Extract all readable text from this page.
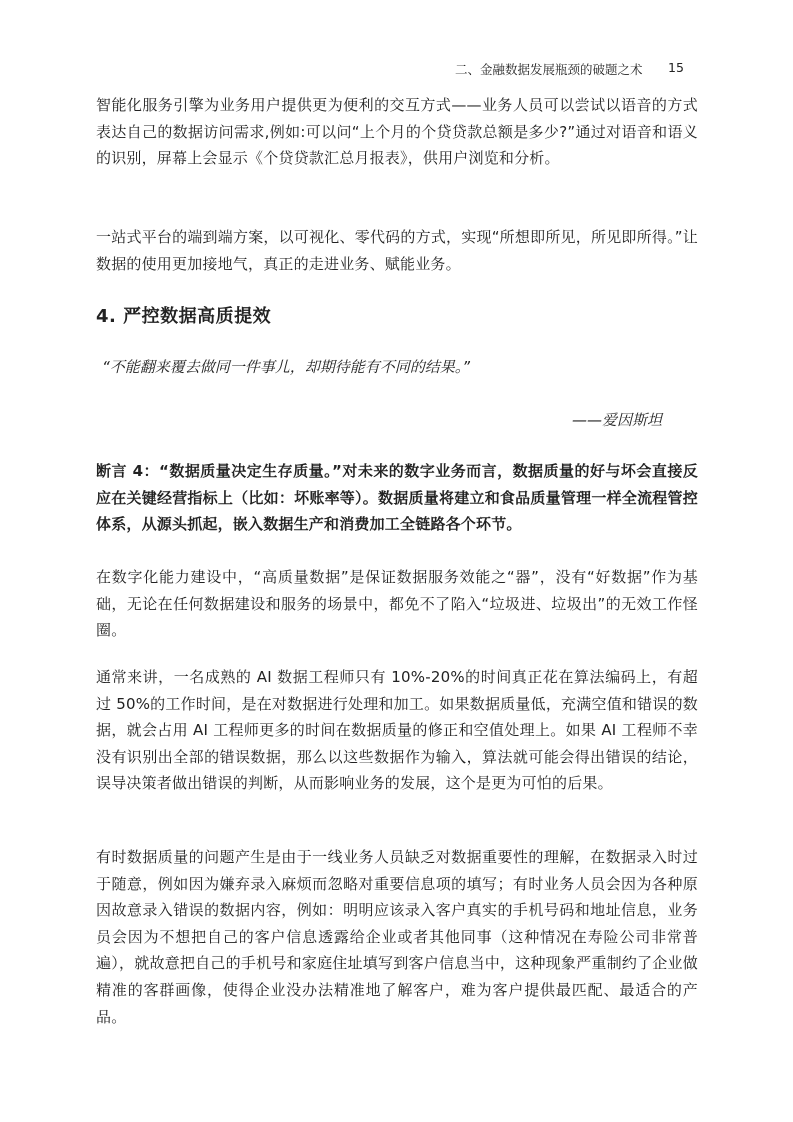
二、金融数据发展瓶颈的破题之术 15

智能化服务引擎为业务用户提供更为便利的交互方式——业务人员可以尝试以语音的方式表达自己的数据访问需求,例如:可以问“上个月的个贷贷款总额是多少?”通过对语音和语义的识别，屏幕上会显示《个贷贷款汇总月报表》，供用户浏览和分析。

一站式平台的端到端方案，以可视化、零代码的方式，实现“所想即所见，所见即所得。”让数据的使用更加接地气，真正的走进业务、赋能业务。

4. 严控数据高质提效
“不能翻来覆去做同一件事儿，却期待能有不同的结果。”
——爱因斯坦

断言 4：“数据质量决定生存质量。”对未来的数字业务而言，数据质量的好与坏会直接反应在关键经营指标上（比如：坏账率等）。数据质量将建立和食品质量管理一样全流程管控体系，从源头抓起，嵌入数据生产和消费加工全链路各个环节。

在数字化能力建设中，“高质量数据”是保证数据服务效能之“器”，没有“好数据”作为基础，无论在任何数据建设和服务的场景中，都免不了陷入“垃圾进、垃圾出”的无效工作怪圈。

通常来讲，一名成熟的 AI 数据工程师只有 10%-20%的时间真正花在算法编码上，有超过 50%的工作时间，是在对数据进行处理和加工。如果数据质量低，充满空值和错误的数据，就会占用 AI 工程师更多的时间在数据质量的修正和空值处理上。如果 AI 工程师不幸没有识别出全部的错误数据，那么以这些数据作为输入，算法就可能会得出错误的结论，误导决策者做出错误的判断，从而影响业务的发展，这个是更为可怕的后果。

有时数据质量的问题产生是由于一线业务人员缺乏对数据重要性的理解，在数据录入时过于随意，例如因为嫌弃录入麻烦而忽略对重要信息项的填写；有时业务人员会因为各种原因故意录入错误的数据内容，例如：明明应该录入客户真实的手机号码和地址信息，业务员会因为不想把自己的客户信息透露给企业或者其他同事（这种情况在寿险公司非常普遍），就故意把自己的手机号和家庭住址填写到客户信息当中，这种现象严重制约了企业做精准的客群画像，使得企业没办法精准地了解客户，难为客户提供最匹配、最适合的产品。
